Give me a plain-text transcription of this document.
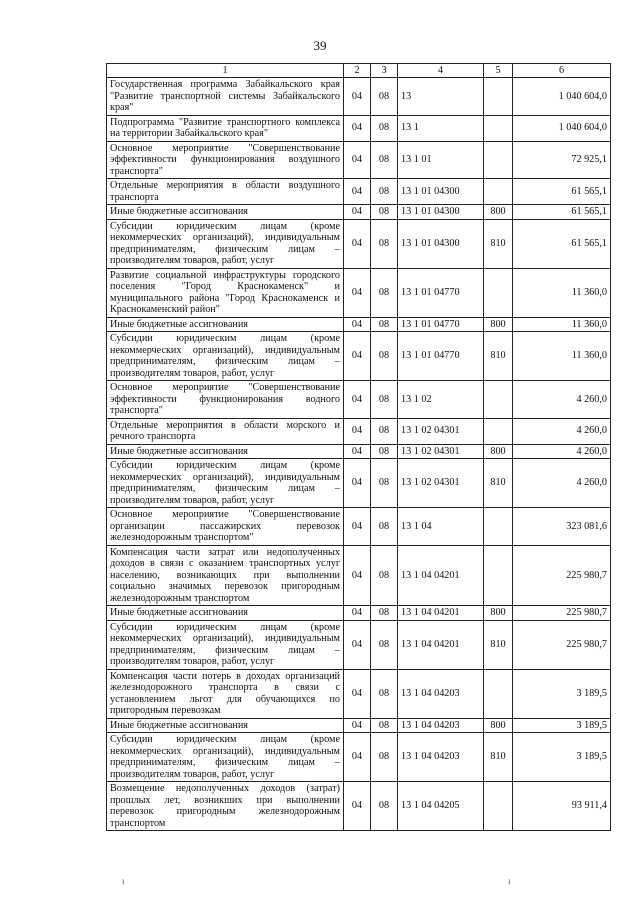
39
1	2	3	4	5	6
Государственная программа Забайкальского края "Развитие транспортной системы Забайкальского края"	04	08	13		1 040 604,0
Подпрограмма "Развитие транспортного комплекса на территории Забайкальского края"	04	08	13 1		1 040 604,0
Основное мероприятие "Совершенствование эффективности функционирования воздушного транспорта"	04	08	13 1 01		72 925,1
Отдельные мероприятия в области воздушного транспорта	04	08	13 1 01 04300		61 565,1
Иные бюджетные ассигнования	04	08	13 1 01 04300	800	61 565,1
Субсидии юридическим лицам (кроме некоммерческих организаций), индивидуальным предпринимателям, физическим лицам – производителям товаров, работ, услуг	04	08	13 1 01 04300	810	61 565,1
Развитие социальной инфраструктуры городского поселения "Город Краснокаменск" и муниципального района "Город Краснокаменск и Краснокаменский район"	04	08	13 1 01 04770		11 360,0
Иные бюджетные ассигнования	04	08	13 1 01 04770	800	11 360,0
Субсидии юридическим лицам (кроме некоммерческих организаций), индивидуальным предпринимателям, физическим лицам – производителям товаров, работ, услуг	04	08	13 1 01 04770	810	11 360,0
Основное мероприятие "Совершенствование эффективности функционирования водного транспорта"	04	08	13 1 02		4 260,0
Отдельные мероприятия в области морского и речного транспорта	04	08	13 1 02 04301		4 260,0
Иные бюджетные ассигнования	04	08	13 1 02 04301	800	4 260,0
Субсидии юридическим лицам (кроме некоммерческих организаций), индивидуальным предпринимателям, физическим лицам – производителям товаров, работ, услуг	04	08	13 1 02 04301	810	4 260,0
Основное мероприятие "Совершенствование организации пассажирских перевозок железнодорожным транспортом"	04	08	13 1 04		323 081,6
Компенсация части затрат или недополученных доходов в связи с оказанием транспортных услуг населению, возникающих при выполнении социально значимых перевозок пригородным железнодорожным транспортом	04	08	13 1 04 04201		225 980,7
Иные бюджетные ассигнования	04	08	13 1 04 04201	800	225 980,7
Субсидии юридическим лицам (кроме некоммерческих организаций), индивидуальным предпринимателям, физическим лицам – производителям товаров, работ, услуг	04	08	13 1 04 04201	810	225 980,7
Компенсация части потерь в доходах организаций железнодорожного транспорта в связи с установлением льгот для обучающихся по пригородным перевозкам	04	08	13 1 04 04203		3 189,5
Иные бюджетные ассигнования	04	08	13 1 04 04203	800	3 189,5
Субсидии юридическим лицам (кроме некоммерческих организаций), индивидуальным предпринимателям, физическим лицам – производителям товаров, работ, услуг	04	08	13 1 04 04203	810	3 189,5
Возмещение недополученных доходов (затрат) прошлых лет, возникших при выполнении перевозок пригородным железнодорожным транспортом	04	08	13 1 04 04205		93 911,4
ı	ı
